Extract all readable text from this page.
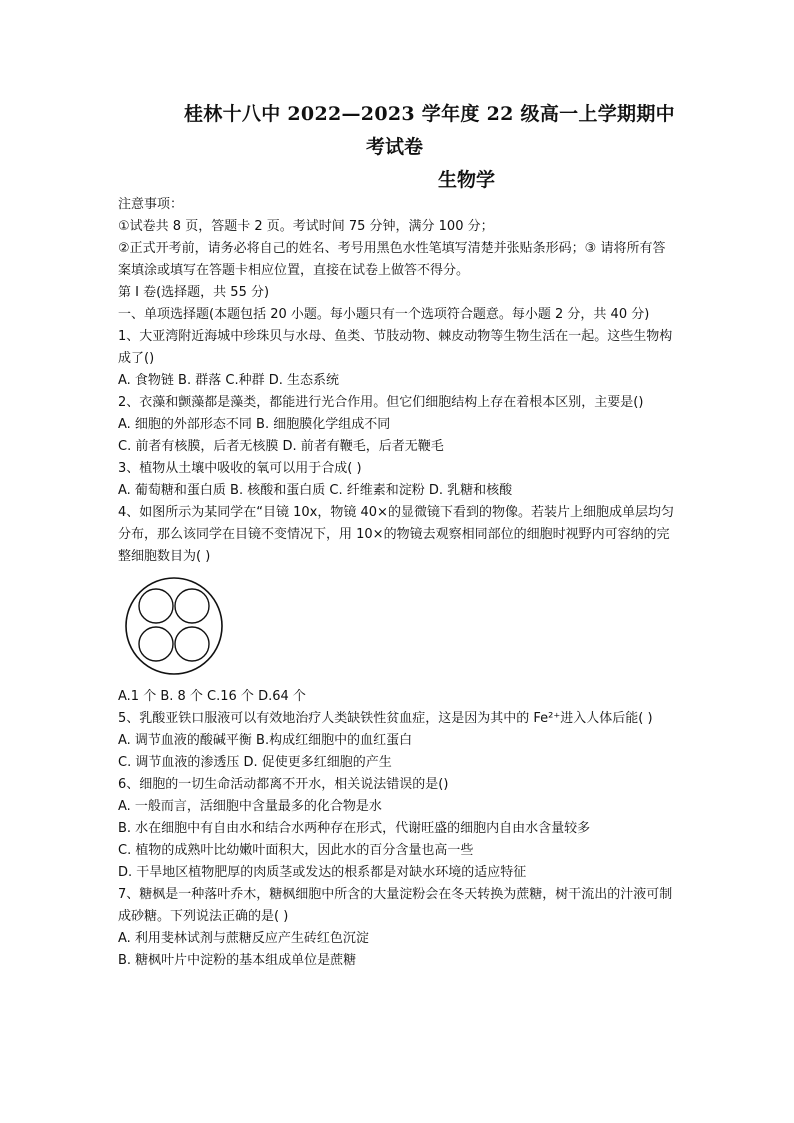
桂林十八中 2022—2023 学年度 22 级高一上学期期中
考试卷
生物学
注意事项：
①试卷共 8 页，答题卡 2 页。考试时间 75 分钟，满分 100 分；
②正式开考前，请务必将自己的姓名、考号用黑色水性笔填写清楚并张贴条形码；③ 请将所有答案填涂或填写在答题卡相应位置，直接在试卷上做答不得分。
第 I 卷(选择题，共 55 分)
一、单项选择题(本题包括 20 小题。每小题只有一个选项符合题意。每小题 2 分，共 40 分)
1、大亚湾附近海城中珍珠贝与水母、鱼类、节肢动物、棘皮动物等生物生活在一起。这些生物构成了()
A. 食物链 B. 群落 C.种群 D. 生态系统
2、衣藻和颤藻都是藻类，都能进行光合作用。但它们细胞结构上存在着根本区别，主要是()
A. 细胞的外部形态不同 B. 细胞膜化学组成不同
C. 前者有核膜，后者无核膜 D. 前者有鞭毛，后者无鞭毛
3、植物从土壤中吸收的氧可以用于合成( )
A. 葡萄糖和蛋白质 B. 核酸和蛋白质 C. 纤维素和淀粉 D. 乳糖和核酸
4、如图所示为某同学在“目镜 10x，物镜 40×的显微镜下看到的物像。若装片上细胞成单层均匀分布，那么该同学在目镜不变情况下，用 10×的物镜去观察相同部位的细胞时视野内可容纳的完整细胞数目为( )
A.1 个 B. 8 个 C.16 个 D.64 个
5、乳酸亚铁口服液可以有效地治疗人类缺铁性贫血症，这是因为其中的 Fe²⁺进入人体后能( )
A. 调节血液的酸碱平衡 B.构成红细胞中的血红蛋白
C. 调节血液的渗透压 D. 促使更多红细胞的产生
6、细胞的一切生命活动都离不开水，相关说法错误的是()
A. 一般而言，活细胞中含量最多的化合物是水
B. 水在细胞中有自由水和结合水两种存在形式，代谢旺盛的细胞内自由水含量较多
C. 植物的成熟叶比幼嫩叶面积大，因此水的百分含量也高一些
D. 干旱地区植物肥厚的肉质茎或发达的根系都是对缺水环境的适应特征
7、糖枫是一种落叶乔木，糖枫细胞中所含的大量淀粉会在冬天转换为蔗糖，树干流出的汁液可制成砂糖。下列说法正确的是( )
A. 利用斐林试剂与蔗糖反应产生砖红色沉淀
B. 糖枫叶片中淀粉的基本组成单位是蔗糖
